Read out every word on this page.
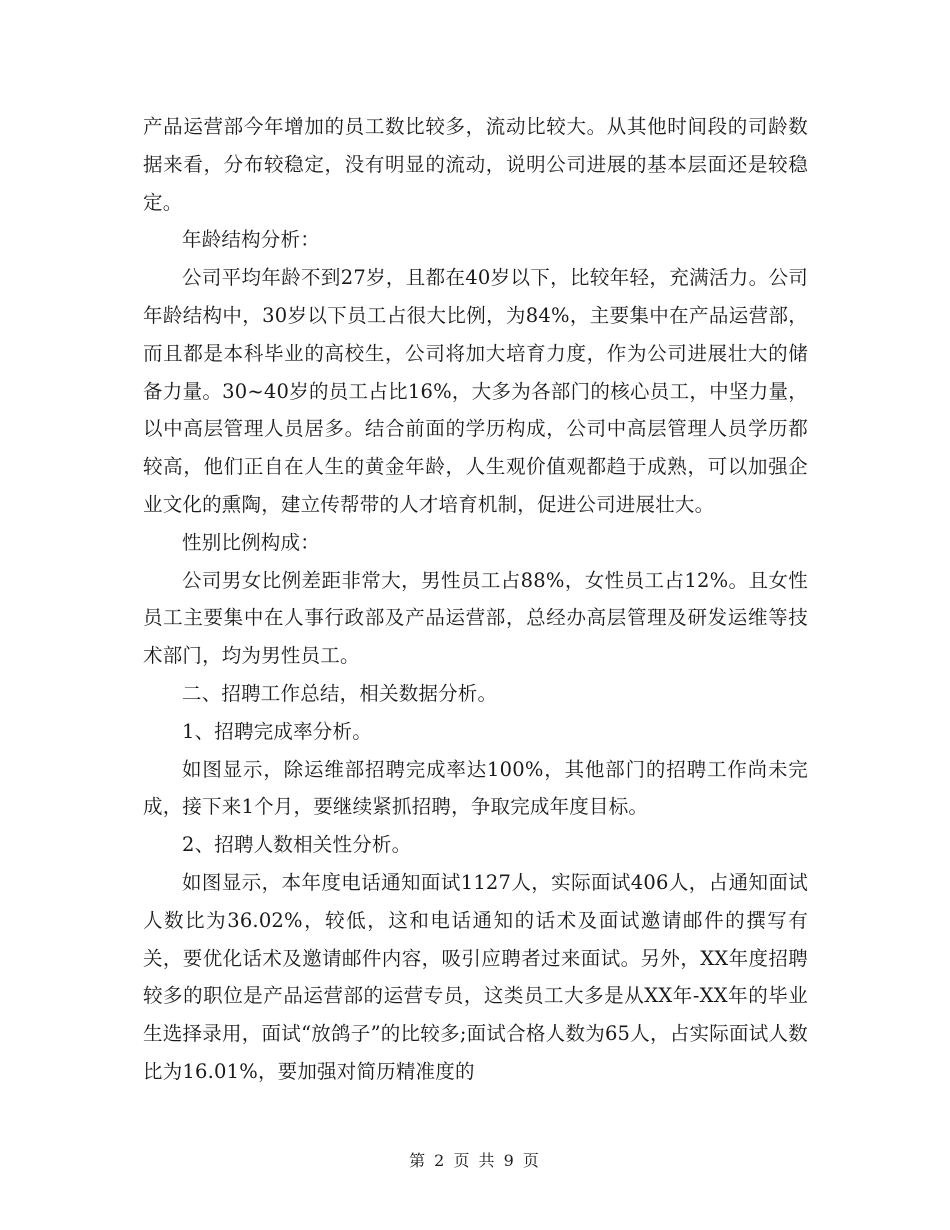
产品运营部今年增加的员工数比较多，流动比较大。从其他时间段的司龄数据来看，分布较稳定，没有明显的流动，说明公司进展的基本层面还是较稳定。

年龄结构分析：

公司平均年龄不到27岁，且都在40岁以下，比较年轻，充满活力。公司年龄结构中，30岁以下员工占很大比例，为84%，主要集中在产品运营部，而且都是本科毕业的高校生，公司将加大培育力度，作为公司进展壮大的储备力量。30~40岁的员工占比16%，大多为各部门的核心员工，中坚力量，以中高层管理人员居多。结合前面的学历构成，公司中高层管理人员学历都较高，他们正自在人生的黄金年龄，人生观价值观都趋于成熟，可以加强企业文化的熏陶，建立传帮带的人才培育机制，促进公司进展壮大。

性别比例构成：

公司男女比例差距非常大，男性员工占88%，女性员工占12%。且女性员工主要集中在人事行政部及产品运营部，总经办高层管理及研发运维等技术部门，均为男性员工。

二、招聘工作总结，相关数据分析。

1、招聘完成率分析。

如图显示，除运维部招聘完成率达100%，其他部门的招聘工作尚未完成，接下来1个月，要继续紧抓招聘，争取完成年度目标。

2、招聘人数相关性分析。

如图显示，本年度电话通知面试1127人，实际面试406人，占通知面试人数比为36.02%，较低，这和电话通知的话术及面试邀请邮件的撰写有关，要优化话术及邀请邮件内容，吸引应聘者过来面试。另外，XX年度招聘较多的职位是产品运营部的运营专员，这类员工大多是从XX年-XX年的毕业生选择录用，面试“放鸽子”的比较多;面试合格人数为65人，占实际面试人数比为16.01%，要加强对简历精准度的

第 2 页 共 9 页
